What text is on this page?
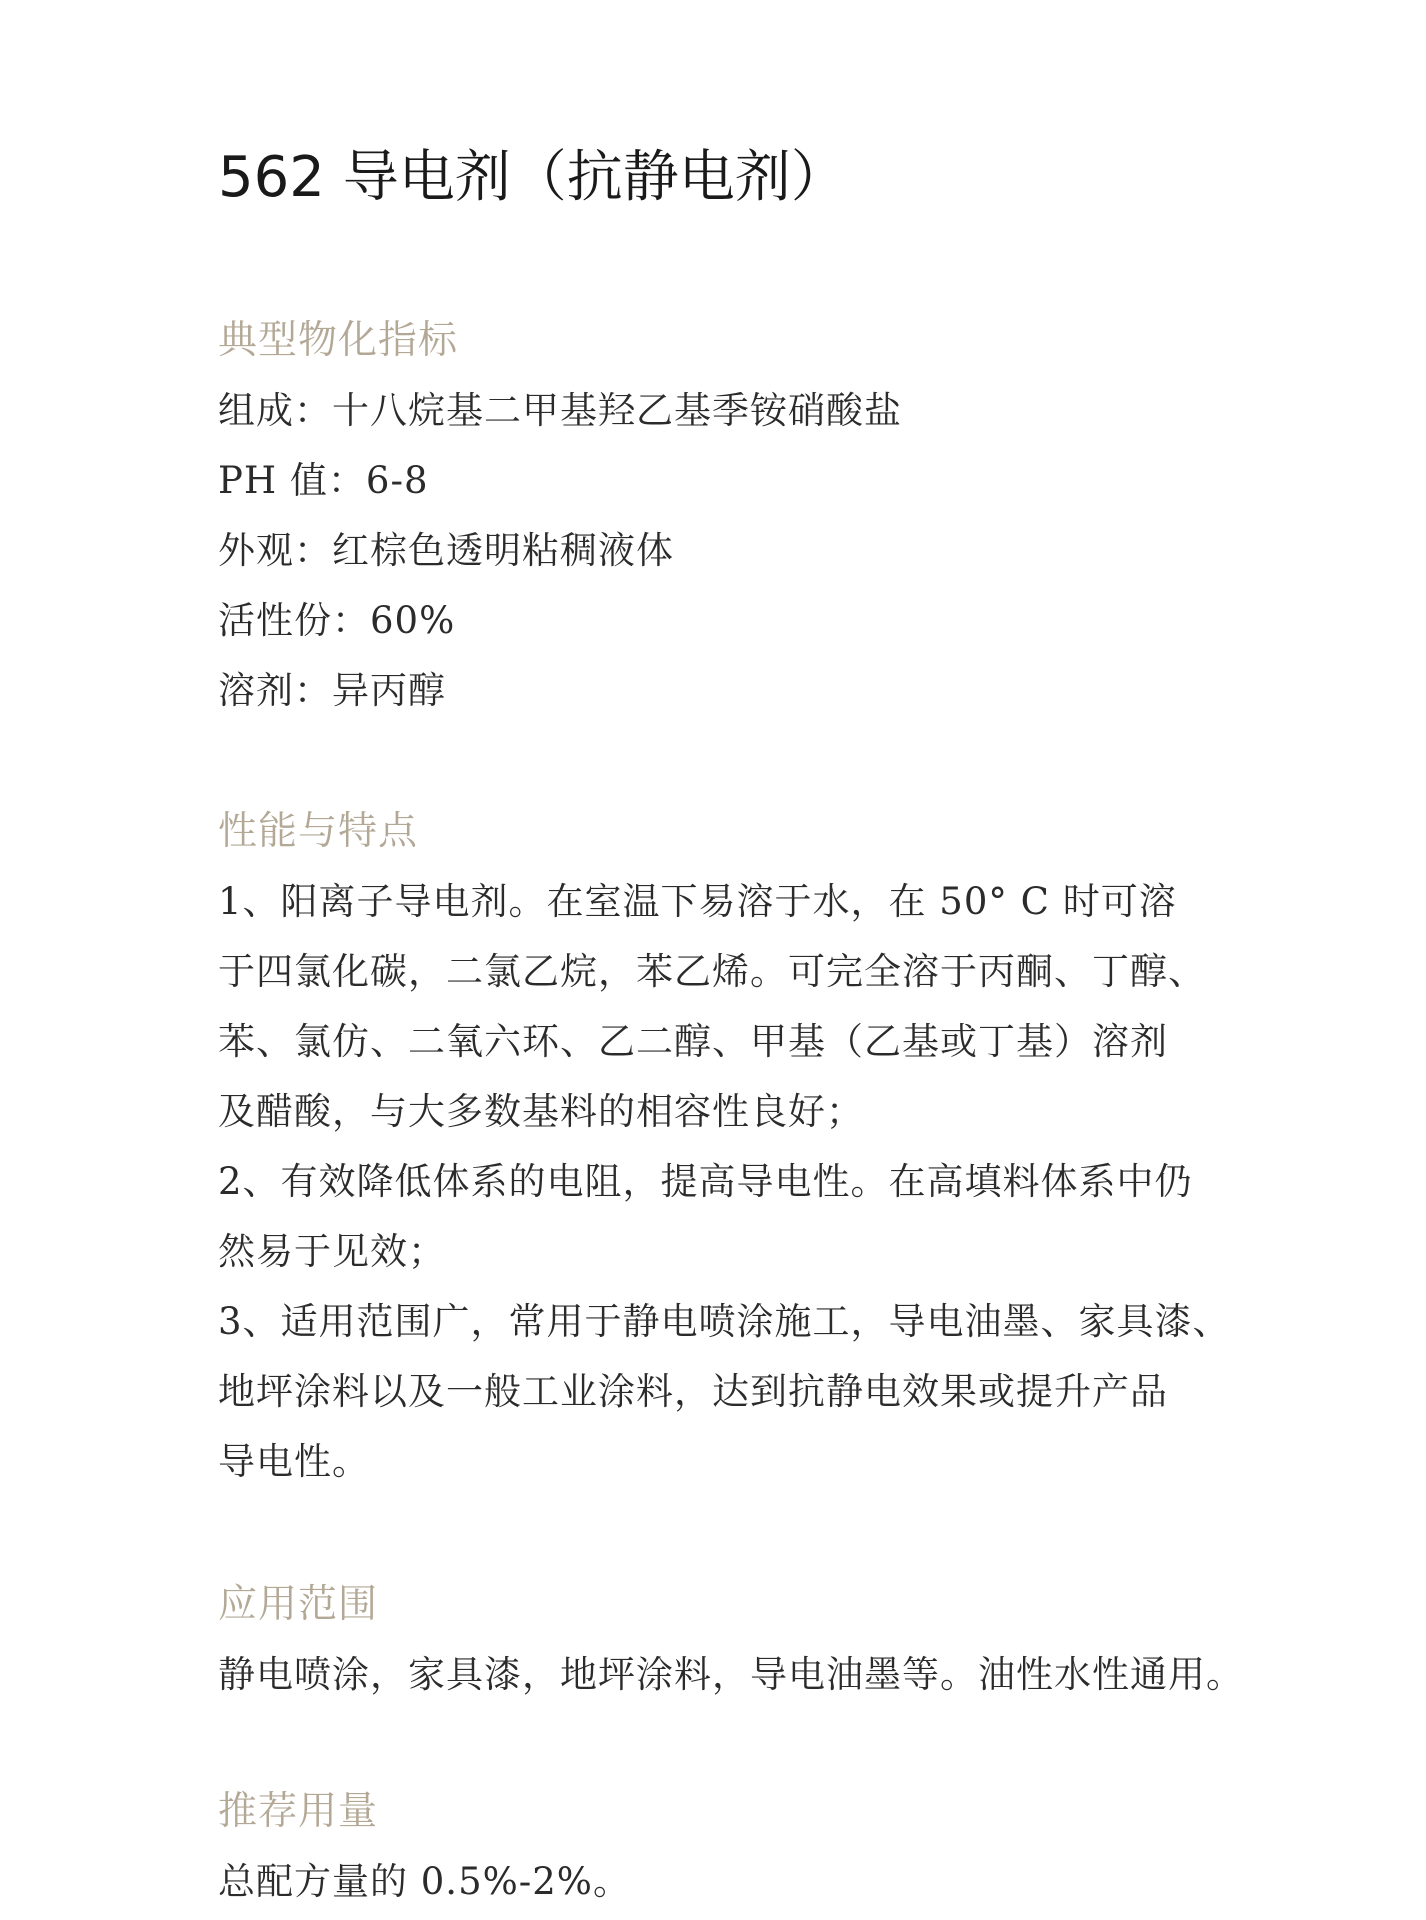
562 导电剂（抗静电剂）
典型物化指标

组成：十八烷基二甲基羟乙基季铵硝酸盐

PH 值：6-8

外观：红棕色透明粘稠液体

活性份：60%

溶剂：异丙醇

性能与特点

1、阳离子导电剂。在室温下易溶于水，在 50° C 时可溶

于四氯化碳，二氯乙烷，苯乙烯。可完全溶于丙酮、丁醇、

苯、氯仿、二氧六环、乙二醇、甲基（乙基或丁基）溶剂

及醋酸，与大多数基料的相容性良好；

2、有效降低体系的电阻，提高导电性。在高填料体系中仍

然易于见效；

3、适用范围广，常用于静电喷涂施工，导电油墨、家具漆、

地坪涂料以及一般工业涂料，达到抗静电效果或提升产品

导电性。

应用范围

静电喷涂，家具漆，地坪涂料，导电油墨等。油性水性通用。

推荐用量

总配方量的 0.5%-2%。
